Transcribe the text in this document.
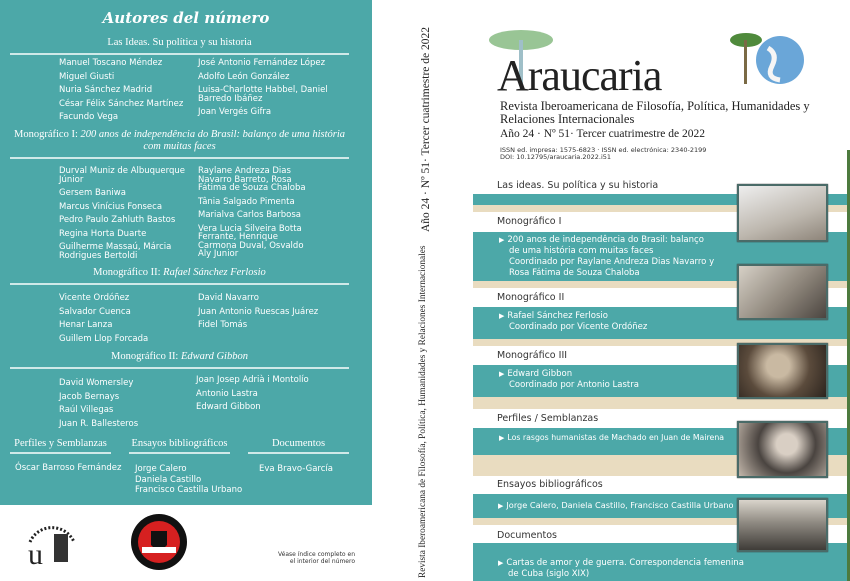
Autores del número
Las Ideas. Su política y su historia
Manuel Toscano Méndez
Miguel Giusti
Nuria Sánchez Madrid
César Félix Sánchez Martínez
Facundo Vega
José Antonio Fernández López
Adolfo León González
Luisa-Charlotte Habbel, Daniel Barredo Ibáñez
Joan Vergés Gifra
Monográfico I: 200 anos de independência do Brasil: balanço de uma história com muitas faces
Durval Muniz de Albuquerque Júnior
Gersem Baniwa
Marcus Vinícius Fonseca
Pedro Paulo Zahluth Bastos
Regina Horta Duarte
Guilherme Massaú, Márcia Rodrigues Bertoldi
Raylane Andreza Dias Navarro Barreto, Rosa Fátima de Souza Chaloba
Tânia Salgado Pimenta
Marialva Carlos Barbosa
Vera Lucia Silveira Botta Ferrante, Henrique Carmona Duval, Osvaldo Aly Junior
Monográfico II: Rafael Sánchez Ferlosio
Vicente Ordóñez
Salvador Cuenca
Henar Lanza
Guillem Llop Forcada
David Navarro
Juan Antonio Ruescas Juárez
Fidel Tomás
Monográfico II: Edward Gibbon
David Womersley
Jacob Bernays
Raúl Villegas
Juan R. Ballesteros
Joan Josep Adrià i Montolío
Antonio Lastra
Edward Gibbon
Perfiles y Semblanzas
Óscar Barroso Fernández
Ensayos bibliográficos
Jorge Calero
Daniela Castillo
Francisco Castilla Urbano
Documentos
Eva Bravo-García
u	Véase índice completo en
el interior del número
Año 24 · Nº 51· Tercer cuatrimestre de 2022
Revista Iberoamericana de Filosofía, Política, Humanidades y Relaciones Internacionales
Araucaria
Revista Iberoamericana de Filosofía, Política, Humanidades y Relaciones Internacionales
Año 24 · Nº 51· Tercer cuatrimestre de 2022
ISSN ed. impresa: 1575-6823 · ISSN ed. electrónica: 2340-2199
DOI: 10.12795/araucaria.2022.i51
Las ideas. Su política y su historia
Monográfico I
▶ 200 anos de independência do Brasil: balanço
de uma história com muitas faces
Coordinado por Raylane Andreza Dias Navarro y
Rosa Fátima de Souza Chaloba
Monográfico II
▶ Rafael Sánchez Ferlosio
Coordinado por Vicente Ordóñez
Monográfico III
▶ Edward Gibbon
Coordinado por Antonio Lastra
Perfiles / Semblanzas
▶ Los rasgos humanistas de Machado en Juan de Mairena
Ensayos bibliográficos
▶ Jorge Calero, Daniela Castillo, Francisco Castilla Urbano
Documentos
▶ Cartas de amor y de guerra. Correspondencia femenina
de Cuba (siglo XIX)
